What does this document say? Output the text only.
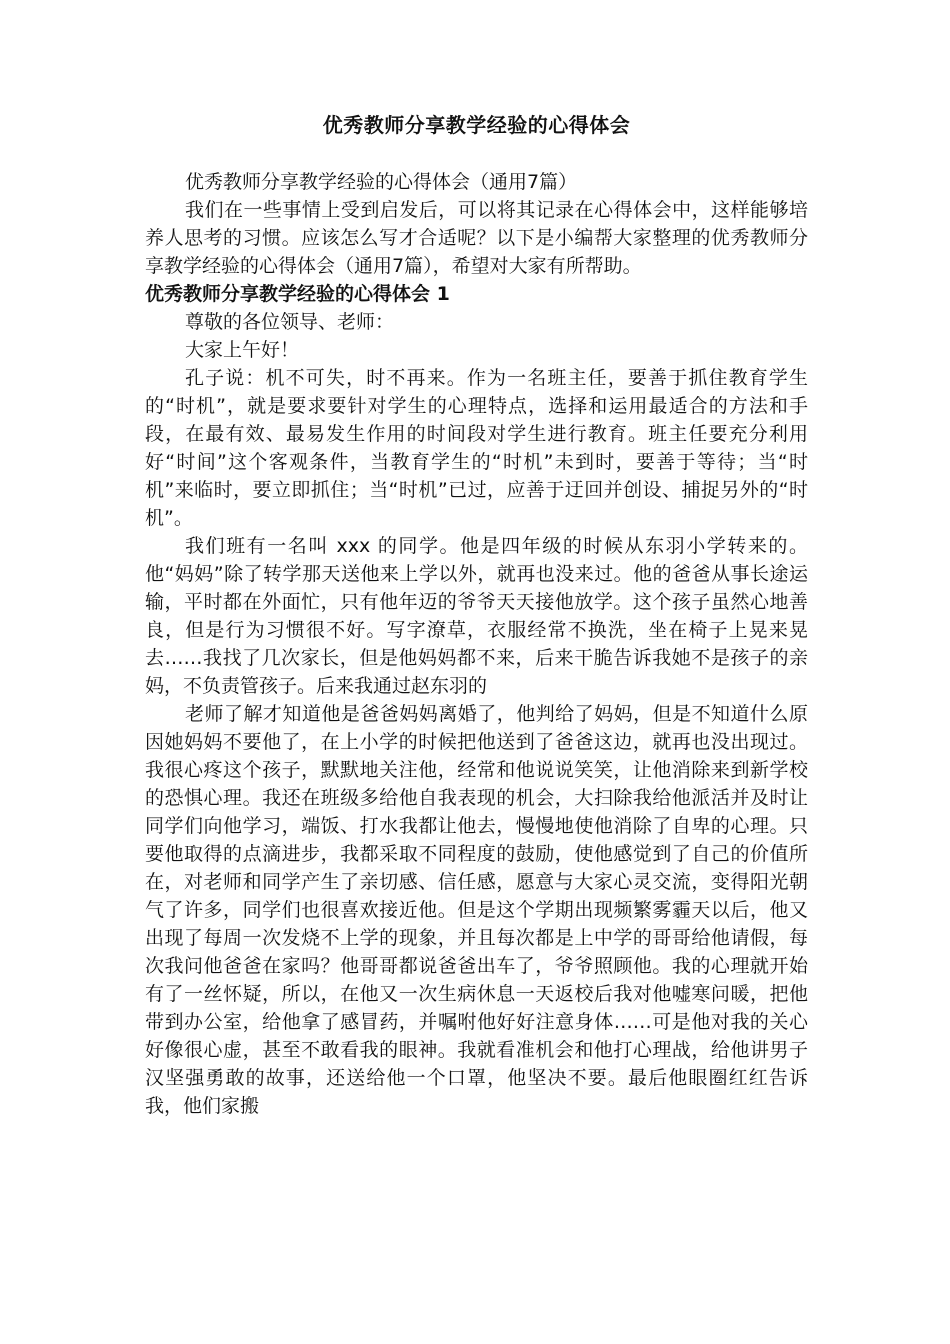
优秀教师分享教学经验的心得体会

优秀教师分享教学经验的心得体会（通用7篇）

我们在一些事情上受到启发后，可以将其记录在心得体会中，这样能够培养人思考的习惯。应该怎么写才合适呢？以下是小编帮大家整理的优秀教师分享教学经验的心得体会（通用7篇），希望对大家有所帮助。

优秀教师分享教学经验的心得体会 1

尊敬的各位领导、老师：

大家上午好！

孔子说：机不可失，时不再来。作为一名班主任，要善于抓住教育学生的“时机”，就是要求要针对学生的心理特点，选择和运用最适合的方法和手段，在最有效、最易发生作用的时间段对学生进行教育。班主任要充分利用好“时间”这个客观条件，当教育学生的“时机”未到时，要善于等待；当“时机”来临时，要立即抓住；当“时机”已过，应善于迂回并创设、捕捉另外的“时机”。

我们班有一名叫 xxx 的同学。他是四年级的时候从东羽小学转来的。他“妈妈”除了转学那天送他来上学以外，就再也没来过。他的爸爸从事长途运输，平时都在外面忙，只有他年迈的爷爷天天接他放学。这个孩子虽然心地善良，但是行为习惯很不好。写字潦草，衣服经常不换洗，坐在椅子上晃来晃去……我找了几次家长，但是他妈妈都不来，后来干脆告诉我她不是孩子的亲妈，不负责管孩子。后来我通过赵东羽的

老师了解才知道他是爸爸妈妈离婚了，他判给了妈妈，但是不知道什么原因她妈妈不要他了，在上小学的时候把他送到了爸爸这边，就再也没出现过。我很心疼这个孩子，默默地关注他，经常和他说说笑笑，让他消除来到新学校的恐惧心理。我还在班级多给他自我表现的机会，大扫除我给他派活并及时让同学们向他学习，端饭、打水我都让他去，慢慢地使他消除了自卑的心理。只要他取得的点滴进步，我都采取不同程度的鼓励，使他感觉到了自己的价值所在，对老师和同学产生了亲切感、信任感，愿意与大家心灵交流，变得阳光朝气了许多，同学们也很喜欢接近他。但是这个学期出现频繁雾霾天以后，他又出现了每周一次发烧不上学的现象，并且每次都是上中学的哥哥给他请假，每次我问他爸爸在家吗？他哥哥都说爸爸出车了，爷爷照顾他。我的心理就开始有了一丝怀疑，所以，在他又一次生病休息一天返校后我对他嘘寒问暖，把他带到办公室，给他拿了感冒药，并嘱咐他好好注意身体……可是他对我的关心好像很心虚，甚至不敢看我的眼神。我就看准机会和他打心理战，给他讲男子汉坚强勇敢的故事，还送给他一个口罩，他坚决不要。最后他眼圈红红告诉我，他们家搬
